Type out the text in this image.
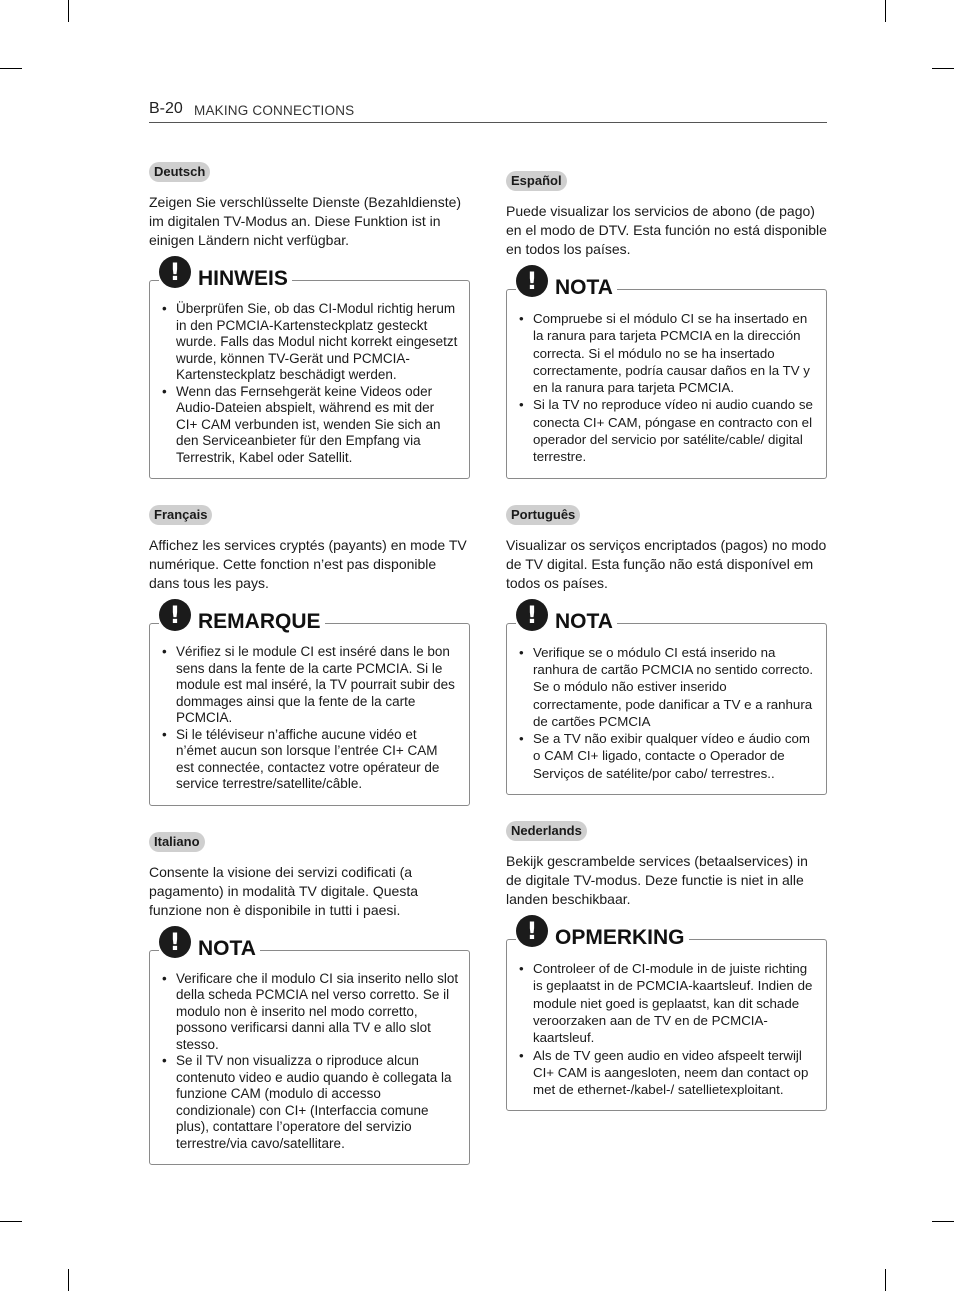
B-20 MAKING CONNECTIONS
Deutsch

Zeigen Sie verschlüsselte Dienste (Bezahldienste) im digitalen TV-Modus an. Diese Funktion ist in einigen Ländern nicht verfügbar.

! HINWEIS
• Überprüfen Sie, ob das CI-Modul richtig herum in den PCMCIA-Kartensteckplatz gesteckt wurde. Falls das Modul nicht korrekt eingesetzt wurde, können TV-Gerät und PCMCIA-Kartensteckplatz beschädigt werden.
• Wenn das Fernsehgerät keine Videos oder Audio-Dateien abspielt, während es mit der CI+ CAM verbunden ist, wenden Sie sich an den Serviceanbieter für den Empfang via Terrestrik, Kabel oder Satellit.
Français

Affichez les services cryptés (payants) en mode TV numérique. Cette fonction n’est pas disponible dans tous les pays.

! REMARQUE
• Vérifiez si le module CI est inséré dans le bon sens dans la fente de la carte PCMCIA. Si le module est mal inséré, la TV pourrait subir des dommages ainsi que la fente de la carte PCMCIA.
• Si le téléviseur n’affiche aucune vidéo et n’émet aucun son lorsque l’entrée CI+ CAM est connectée, contactez votre opérateur de service terrestre/satellite/câble.
Italiano

Consente la visione dei servizi codificati (a pagamento) in modalità TV digitale. Questa funzione non è disponibile in tutti i paesi.

! NOTA
• Verificare che il modulo CI sia inserito nello slot della scheda PCMCIA nel verso corretto. Se il modulo non è inserito nel modo corretto, possono verificarsi danni alla TV e allo slot stesso.
• Se il TV non visualizza o riproduce alcun contenuto video e audio quando è collegata la funzione CAM (modulo di accesso condizionale) con CI+ (Interfaccia comune plus), contattare l’operatore del servizio terrestre/via cavo/satellitare.
Español

Puede visualizar los servicios de abono (de pago) en el modo de DTV. Esta función no está disponible en todos los países.

! NOTA
• Compruebe si el módulo CI se ha insertado en la ranura para tarjeta PCMCIA en la dirección correcta. Si el módulo no se ha insertado correctamente, podría causar daños en la TV y en la ranura para tarjeta PCMCIA.
• Si la TV no reproduce vídeo ni audio cuando se conecta CI+ CAM, póngase en contracto con el operador del servicio por satélite/cable/ digital terrestre.
Português

Visualizar os serviços encriptados (pagos) no modo de TV digital. Esta função não está disponível em todos os países.

! NOTA
• Verifique se o módulo CI está inserido na ranhura de cartão PCMCIA no sentido correcto. Se o módulo não estiver inserido correctamente, pode danificar a TV e a ranhura de cartões PCMCIA
• Se a TV não exibir qualquer vídeo e áudio com o CAM CI+ ligado, contacte o Operador de Serviços de satélite/por cabo/ terrestres..
Nederlands

Bekijk gescrambelde services (betaalservices) in de digitale TV-modus. Deze functie is niet in alle landen beschikbaar.

! OPMERKING
• Controleer of de CI-module in de juiste richting is geplaatst in de PCMCIA-kaartsleuf. Indien de module niet goed is geplaatst, kan dit schade veroorzaken aan de TV en de PCMCIA-kaartsleuf.
• Als de TV geen audio en video afspeelt terwijl CI+ CAM is aangesloten, neem dan contact op met de ethernet-/kabel-/ satellietexploitant.
